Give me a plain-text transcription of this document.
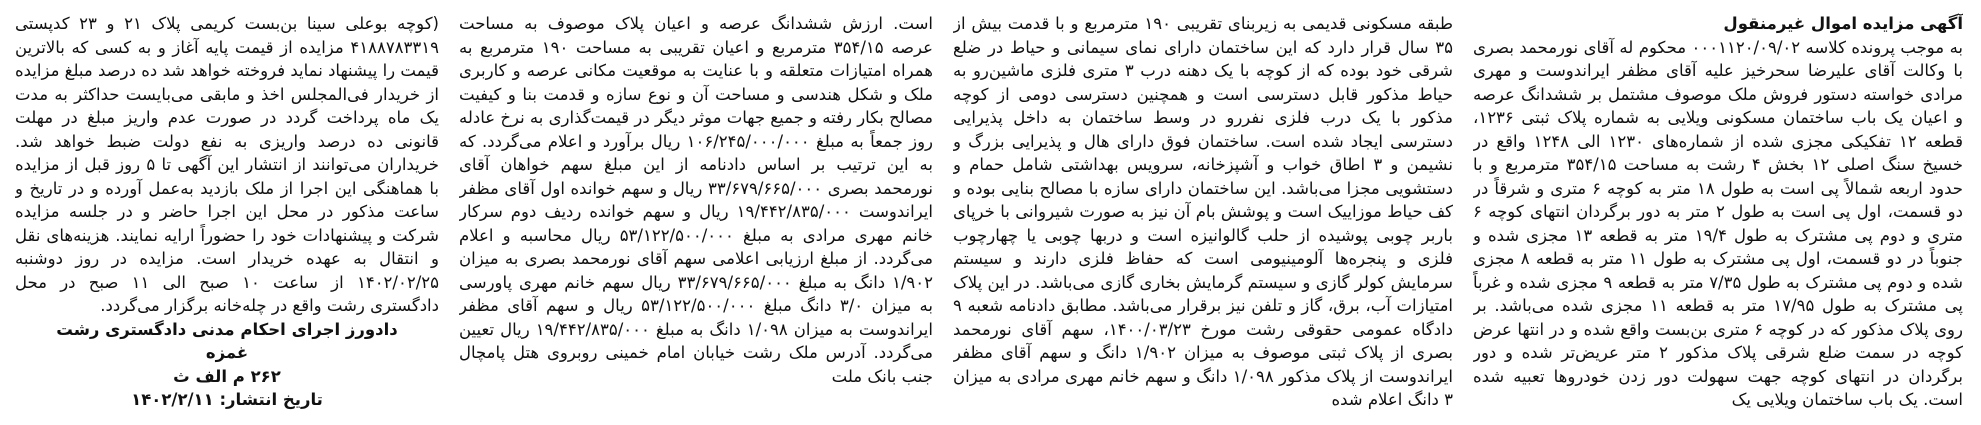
آگهی مزایده اموال غیرمنقول

به موجب پرونده کلاسه ۰۰۰۱۱۲۰/۰۹/۰۲ محکوم له آقای نورمحمد بصری با وکالت آقای علیرضا سحرخیز علیه آقای مظفر ایراندوست و مهری مرادی خواسته دستور فروش ملک موصوف مشتمل بر ششدانگ عرصه و اعیان یک باب ساختمان مسکونی ویلایی به شماره پلاک ثبتی ۱۲۳۶، قطعه ۱۲ تفکیکی مجزی شده از شماره‌های ۱۲۳۰ الی ۱۲۴۸ واقع در خسیخ سنگ اصلی ۱۲ بخش ۴ رشت به مساحت ۳۵۴/۱۵ مترمربع و با حدود اربعه شمالاً پی است به طول ۱۸ متر به کوچه ۶ متری و شرقاً در دو قسمت، اول پی است به طول ۲ متر به دور برگردان انتهای کوچه ۶ متری و دوم پی مشترک به طول ۱۹/۴ متر به قطعه ۱۳ مجزی شده و جنوباً در دو قسمت، اول پی مشترک به طول ۱۱ متر به قطعه ۸ مجزی شده و دوم پی مشترک به طول ۷/۳۵ متر به قطعه ۹ مجزی شده و غرباً پی مشترک به طول ۱۷/۹۵ متر به قطعه ۱۱ مجزی شده می‌باشد. بر روی پلاک مذکور که در کوچه ۶ متری بن‌بست واقع شده و در انتها عرض کوچه در سمت ضلع شرقی پلاک مذکور ۲ متر عریض‌تر شده و دور برگردان در انتهای کوچه جهت سهولت دور زدن خودروها تعبیه شده است. یک باب ساختمان ویلایی یک

طبقه مسکونی قدیمی به زیربنای تقریبی ۱۹۰ مترمربع و با قدمت بیش از ۳۵ سال قرار دارد که این ساختمان دارای نمای سیمانی و حیاط در ضلع شرقی خود بوده که از کوچه با یک دهنه درب ۳ متری فلزی ماشین‌رو به حیاط مذکور قابل دسترسی است و همچنین دسترسی دومی از کوچه مذکور با یک درب فلزی نفررو در وسط ساختمان به داخل پذیرایی دسترسی ایجاد شده است. ساختمان فوق دارای هال و پذیرایی بزرگ و نشیمن و ۳ اطاق خواب و آشپزخانه، سرویس بهداشتی شامل حمام و دستشویی مجزا می‌باشد. این ساختمان دارای سازه با مصالح بنایی بوده و کف حیاط موزاییک است و پوشش بام آن نیز به صورت شیروانی با خرپای باربر چوبی پوشیده از حلب گالوانیزه است و دربها چوبی یا چهارچوب فلزی و پنجره‌ها آلومینیومی است که حفاظ فلزی دارند و سیستم سرمایش کولر گازی و سیستم گرمایش بخاری گازی می‌باشد. در این پلاک امتیازات آب، برق، گاز و تلفن نیز برقرار می‌باشد. مطابق دادنامه شعبه ۹ دادگاه عمومی حقوقی رشت مورخ ۱۴۰۰/۰۳/۲۳، سهم آقای نورمحمد بصری از پلاک ثبتی موصوف به میزان ۱/۹۰۲ دانگ و سهم آقای مظفر ایراندوست از پلاک مذکور ۱/۰۹۸ دانگ و سهم خانم مهری مرادی به میزان ۳ دانگ اعلام شده

است. ارزش ششدانگ عرصه و اعیان پلاک موصوف به مساحت عرصه ۳۵۴/۱۵ مترمربع و اعیان تقریبی به مساحت ۱۹۰ مترمربع به همراه امتیازات متعلقه و با عنایت به موقعیت مکانی عرصه و کاربری ملک و شکل هندسی و مساحت آن و نوع سازه و قدمت بنا و کیفیت مصالح بکار رفته و جمیع جهات موثر دیگر در قیمت‌گذاری به نرخ عادله روز جمعاً به مبلغ ۱۰۶/۲۴۵/۰۰۰/۰۰۰ ریال برآورد و اعلام می‌گردد. که به این ترتیب بر اساس دادنامه از این مبلغ سهم خواهان آقای نورمحمد بصری ۳۳/۶۷۹/۶۶۵/۰۰۰ ریال و سهم خوانده اول آقای مظفر ایراندوست ۱۹/۴۴۲/۸۳۵/۰۰۰ ریال و سهم خوانده ردیف دوم سرکار خانم مهری مرادی به مبلغ ۵۳/۱۲۲/۵۰۰/۰۰۰ ریال محاسبه و اعلام می‌گردد. از مبلغ ارزیابی اعلامی سهم آقای نورمحمد بصری به میزان ۱/۹۰۲ دانگ به مبلغ ۳۳/۶۷۹/۶۶۵/۰۰۰ ریال سهم خانم مهری پاورسی به میزان ۳/۰ دانگ مبلغ ۵۳/۱۲۲/۵۰۰/۰۰۰ ریال و سهم آقای مظفر ایراندوست به میزان ۱/۰۹۸ دانگ به مبلغ ۱۹/۴۴۲/۸۳۵/۰۰۰ ریال تعیین می‌گردد. آدرس ملک رشت خیابان امام خمینی روبروی هتل پامچال جنب بانک ملت

(کوچه بوعلی سینا بن‌بست کریمی پلاک ۲۱ و ۲۳ کدپستی ۴۱۸۸۷۸۳۳۱۹ مزایده از قیمت پایه آغاز و به کسی که بالاترین قیمت را پیشنهاد نماید فروخته خواهد شد ده درصد مبلغ مزایده از خریدار فی‌المجلس اخذ و مابقی می‌بایست حداکثر به مدت یک ماه پرداخت گردد در صورت عدم واریز مبلغ در مهلت قانونی ده درصد واریزی به نفع دولت ضبط خواهد شد. خریداران می‌توانند از انتشار این آگهی تا ۵ روز قبل از مزایده با هماهنگی این اجرا از ملک بازدید به‌عمل آورده و در تاریخ و ساعت مذکور در محل این اجرا حاضر و در جلسه مزایده شرکت و پیشنهادات خود را حضوراً ارایه نمایند. هزینه‌های نقل و انتقال به عهده خریدار است. مزایده در روز دوشنبه ۱۴۰۲/۰۲/۲۵ از ساعت ۱۰ صبح الی ۱۱ صبح در محل دادگستری رشت واقع در چله‌خانه برگزار می‌گردد.

دادورز اجرای احکام مدنی دادگستری رشت

غمزه

۲۶۲ م الف ث

تاریخ انتشار: ۱۴۰۲/۲/۱۱
